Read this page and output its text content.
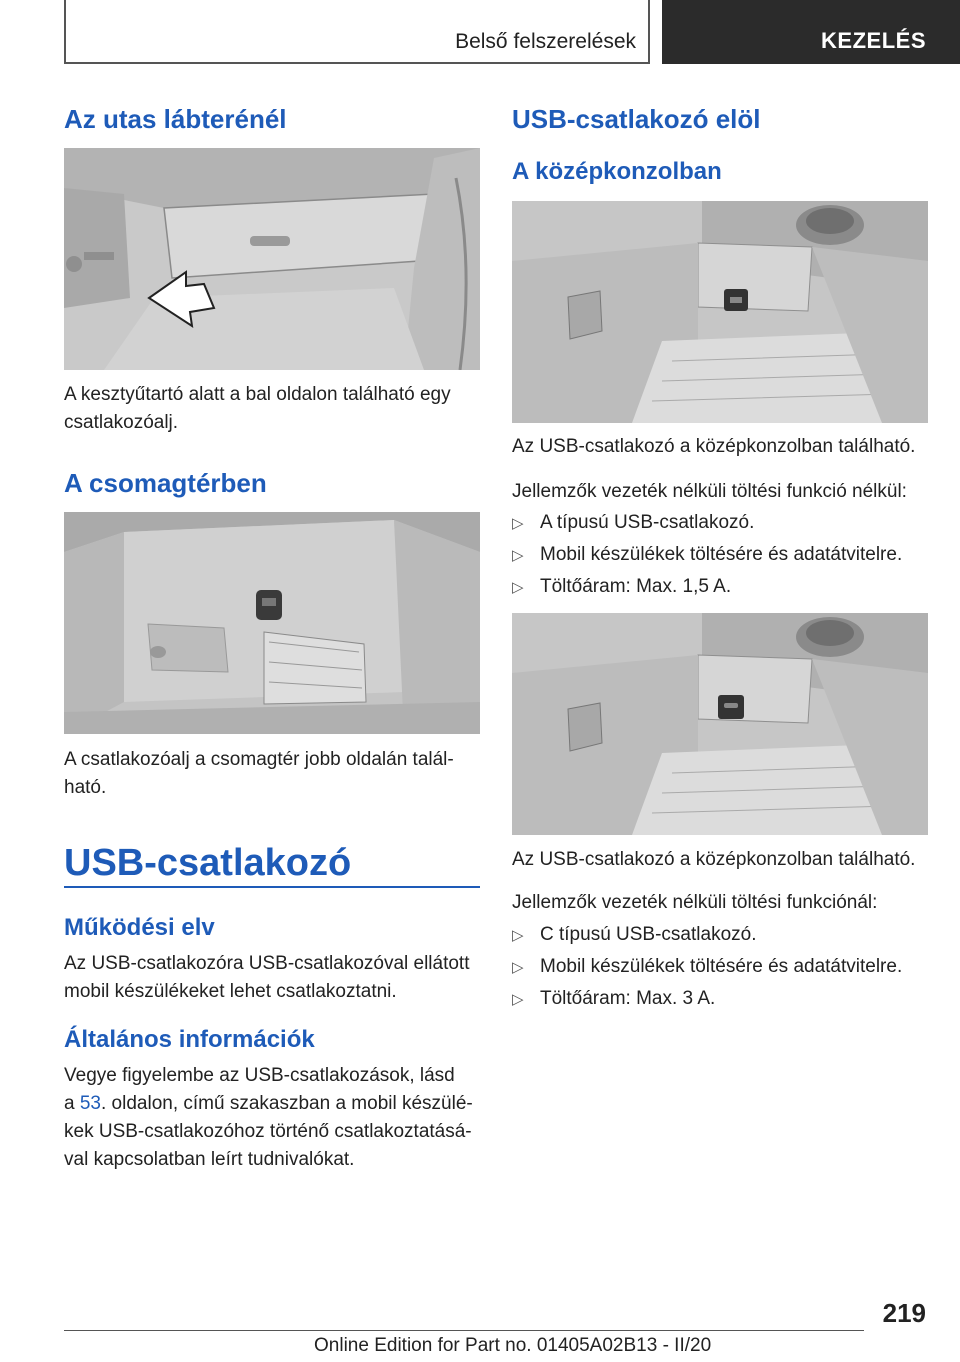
Belső felszerelések	KEZELÉS
Az utas lábterénél
A kesztyűtartó alatt a bal oldalon található egy
csatlakozóalj.
A csomagtérben
A csatlakozóalj a csomagtér jobb oldalán talál-
ható.
USB-csatlakozó
Működési elv
Az USB-csatlakozóra USB-csatlakozóval ellátott
mobil készülékeket lehet csatlakoztatni.
Általános információk
Vegye figyelembe az USB-csatlakozások, lásd
a 53. oldalon, című szakaszban a mobil készülé-
kek USB-csatlakozóhoz történő csatlakoztatásá-
val kapcsolatban leírt tudnivalókat.
USB-csatlakozó elöl
A középkonzolban
Az USB-csatlakozó a középkonzolban található.
Jellemzők vezeték nélküli töltési funkció nélkül:
▷ A típusú USB-csatlakozó.
▷ Mobil készülékek töltésére és adatátvitelre.
▷ Töltőáram: Max. 1,5 A.
Az USB-csatlakozó a középkonzolban található.
Jellemzők vezeték nélküli töltési funkciónál:
▷ C típusú USB-csatlakozó.
▷ Mobil készülékek töltésére és adatátvitelre.
▷ Töltőáram: Max. 3 A.
219
Online Edition for Part no. 01405A02B13 - II/20
